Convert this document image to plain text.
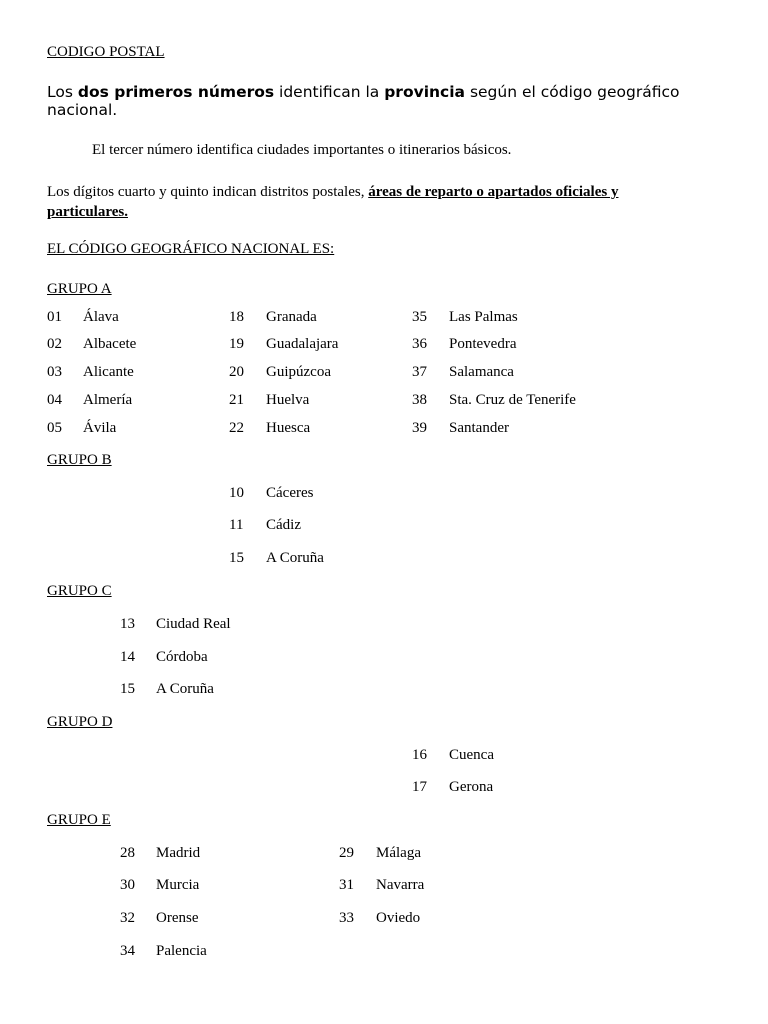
CODIGO POSTAL
Los dos primeros números identifican la provincia según el código geográfico nacional.
El tercer número identifica ciudades importantes o itinerarios básicos.
Los dígitos cuarto y quinto indican distritos postales, áreas de reparto o apartados oficiales y particulares.
EL CÓDIGO GEOGRÁFICO NACIONAL ES:
GRUPO A
01 Álava
02 Albacete
03 Alicante
04 Almería
05 Ávila
18 Granada
19 Guadalajara
20 Guipúzcoa
21 Huelva
22 Huesca
35 Las Palmas
36 Pontevedra
37 Salamanca
38 Sta. Cruz de Tenerife
39 Santander
GRUPO B
10 Cáceres
11 Cádiz
15 A Coruña
GRUPO C
13 Ciudad Real
14 Córdoba
15 A Coruña
GRUPO D
16 Cuenca
17 Gerona
GRUPO E
28 Madrid
30 Murcia
32 Orense
34 Palencia
29 Málaga
31 Navarra
33 Oviedo
